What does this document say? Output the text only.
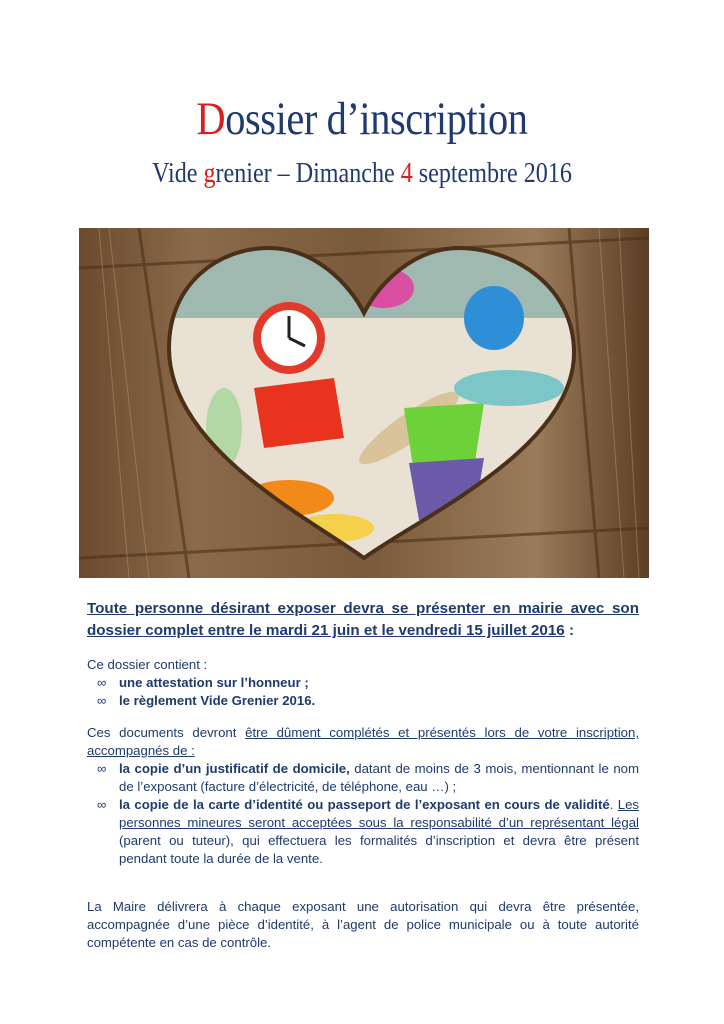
Dossier d’inscription
Vide grenier – Dimanche 4 septembre 2016

Toute personne désirant exposer devra se présenter en mairie avec son dossier complet entre le mardi 21 juin et le vendredi 15 juillet 2016 :

Ce dossier contient :

∞ une attestation sur l’honneur ;
∞ le règlement Vide Grenier 2016.

Ces documents devront être dûment complétés et présentés lors de votre inscription, accompagnés de :

∞ la copie d’un justificatif de domicile, datant de moins de 3 mois, mentionnant le nom de l’exposant (facture d’électricité, de téléphone, eau …) ;
∞ la copie de la carte d’identité ou passeport de l’exposant en cours de validité. Les personnes mineures seront acceptées sous la responsabilité d’un représentant légal (parent ou tuteur), qui effectuera les formalités d’inscription et devra être présent pendant toute la durée de la vente.

La Maire délivrera à chaque exposant une autorisation qui devra être présentée, accompagnée d’une pièce d’identité, à l’agent de police municipale ou à toute autorité compétente en cas de contrôle.
